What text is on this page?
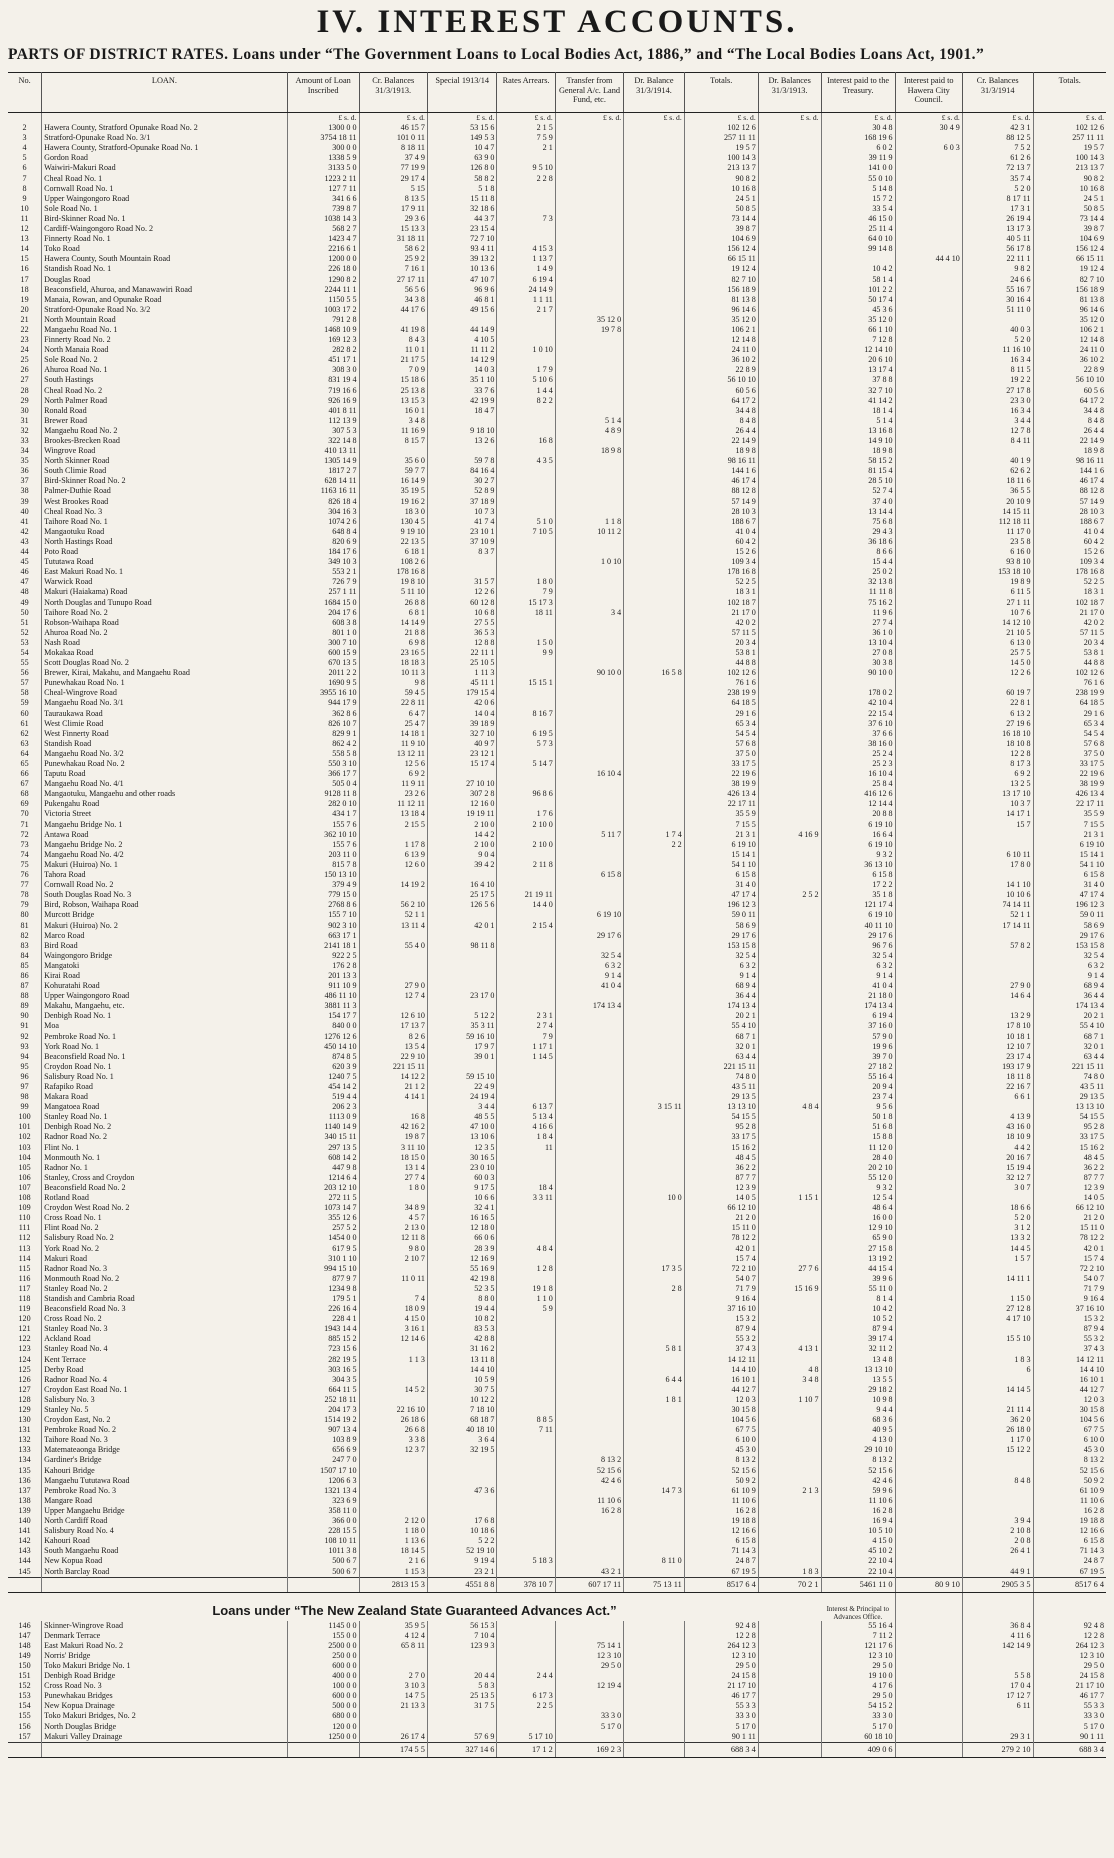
IV. INTEREST ACCOUNTS.
PARTS OF DISTRICT RATES. Loans under “The Government Loans to Local Bodies Act, 1886,” and “The Local Bodies Loans Act, 1901.”
No.	LOAN.	Amount of Loan Inscribed	Cr. Balances 31/3/1913.	Special 1913/14	Rates Arrears.	Transfer from General A/c. Land Fund, etc.	Dr. Balance 31/3/1914.	Totals.	Dr. Balances 31/3/1913.	Interest paid to the Treasury.	Interest paid to Hawera City Council.	Cr. Balances 31/3/1914	Totals.
		£ s. d.	£ s. d.	£ s. d.	£ s. d.	£ s. d.	£ s. d.	£ s. d.	£ s. d.	£ s. d.	£ s. d.	£ s. d.	£ s. d.
2	Hawera County, Stratford Opunake Road No. 2	1300 0 0	46 15 7	53 15 6	2 1 5			102 12 6		30 4 8	30 4 9	42 3 1	102 12 6
3	Stratford-Opunake Road No. 3/1	3754 18 11	101 0 11	149 5 3	7 5 9			257 11 11		168 19 6		88 12 5	257 11 11
4	Hawera County, Stratford-Opunake Road No. 1	300 0 0	8 18 11	10 4 7	2 1			19 5 7		6 0 2	6 0 3	7 5 2	19 5 7
5	Gordon Road	1338 5 9	37 4 9	63 9 0				100 14 3		39 11 9		61 2 6	100 14 3
6	Waiwiri-Makuri Road	3133 5 0	77 19 9	126 8 0	9 5 10			213 13 7		141 0 0		72 13 7	213 13 7
7	Cheal Road No. 1	1223 2 11	29 17 4	58 8 2	2 2 8			90 8 2		55 0 10		35 7 4	90 8 2
8	Cornwall Road No. 1	127 7 11	5 15	5 1 8				10 16 8		5 14 8		5 2 0	10 16 8
9	Upper Waingongoro Road	341 6 6	8 13 5	15 11 8				24 5 1		15 7 2		8 17 11	24 5 1
10	Sole Road No. 1	739 8 7	17 9 11	32 18 6				50 8 5		33 5 4		17 3 1	50 8 5
11	Bird-Skinner Road No. 1	1038 14 3	29 3 6	44 3 7	7 3			73 14 4		46 15 0		26 19 4	73 14 4
12	Cardiff-Waingongoro Road No. 2	568 2 7	15 13 3	23 15 4				39 8 7		25 11 4		13 17 3	39 8 7
13	Finnerty Road No. 1	1423 4 7	31 18 11	72 7 10				104 6 9		64 0 10		40 5 11	104 6 9
14	Toko Road	2216 6 1	58 6 2	93 4 11	4 15 3			156 12 4		99 14 8		56 17 8	156 12 4
15	Hawera County, South Mountain Road	1200 0 0	25 9 2	39 13 2	1 13 7			66 15 11			44 4 10	22 11 1	66 15 11
16	Standish Road No. 1	226 18 0	7 16 1	10 13 6	1 4 9			19 12 4		10 4 2		9 8 2	19 12 4
17	Douglas Road	1290 8 2	27 17 11	47 10 7	6 19 4			82 7 10		58 1 4		24 6 6	82 7 10
18	Beaconsfield, Ahuroa, and Manawawiri Road	2244 11 1	56 5 6	96 9 6	24 14 9			156 18 9		101 2 2		55 16 7	156 18 9
19	Manaia, Rowan, and Opunake Road	1150 5 5	34 3 8	46 8 1	1 1 11			81 13 8		50 17 4		30 16 4	81 13 8
20	Stratford-Opunake Road No. 3/2	1003 17 2	44 17 6	49 15 6	2 1 7			96 14 6		45 3 6		51 11 0	96 14 6
21	North Mountain Road	791 2 8				35 12 0		35 12 0		35 12 0			35 12 0
22	Mangaehu Road No. 1	1468 10 9	41 19 8	44 14 9		19 7 8		106 2 1		66 1 10		40 0 3	106 2 1
23	Finnerty Road No. 2	169 12 3	8 4 3	4 10 5				12 14 8		7 12 8		5 2 0	12 14 8
24	North Manaia Road	282 8 2	11 0 1	11 11 2	1 0 10			24 11 0		12 14 10		11 16 10	24 11 0
25	Sole Road No. 2	451 17 1	21 17 5	14 12 9				36 10 2		20 6 10		16 3 4	36 10 2
26	Ahuroa Road No. 1	308 3 0	7 0 9	14 0 3	1 7 9			22 8 9		13 17 4		8 11 5	22 8 9
27	South Hastings	831 19 4	15 18 6	35 1 10	5 10 6			56 10 10		37 8 8		19 2 2	56 10 10
28	Cheal Road No. 2	719 16 6	25 13 8	33 7 6	1 4 4			60 5 6		32 7 10		27 17 8	60 5 6
29	North Palmer Road	926 16 9	13 15 3	42 19 9	8 2 2			64 17 2		41 14 2		23 3 0	64 17 2
30	Ronald Road	401 8 11	16 0 1	18 4 7				34 4 8		18 1 4		16 3 4	34 4 8
31	Brewer Road	112 13 9	3 4 8			5 1 4		8 4 8		5 1 4		3 4 4	8 4 8
32	Mangaehu Road No. 2	307 5 3	11 16 9	9 18 10		4 8 9		26 4 4		13 16 8		12 7 8	26 4 4
33	Brookes-Brecken Road	322 14 8	8 15 7	13 2 6	16 8			22 14 9		14 9 10		8 4 11	22 14 9
34	Wingrove Road	410 13 11				18 9 8		18 9 8		18 9 8			18 9 8
35	North Skinner Road	1305 14 9	35 6 0	59 7 8	4 3 5			98 16 11		58 15 2		40 1 9	98 16 11
36	South Climie Road	1817 2 7	59 7 7	84 16 4				144 1 6		81 15 4		62 6 2	144 1 6
37	Bird-Skinner Road No. 2	628 14 11	16 14 9	30 2 7				46 17 4		28 5 10		18 11 6	46 17 4
38	Palmer-Duthie Road	1163 16 11	35 19 5	52 8 9				88 12 8		52 7 4		36 5 5	88 12 8
39	West Brookes Road	826 18 4	19 16 2	37 18 9				57 14 9		37 4 0		20 10 9	57 14 9
40	Cheal Road No. 3	304 16 3	18 3 0	10 7 3				28 10 3		13 14 4		14 15 11	28 10 3
41	Taihore Road No. 1	1074 2 6	130 4 5	41 7 4	5 1 0	1 1 8		188 6 7		75 6 8		112 18 11	188 6 7
42	Mangaotuku Road	648 8 4	9 19 10	23 10 1	7 10 5	10 11 2		41 0 4		29 4 3		11 17 0	41 0 4
43	North Hastings Road	820 6 9	22 13 5	37 10 9				60 4 2		36 18 6		23 5 8	60 4 2
44	Poto Road	184 17 6	6 18 1	8 3 7				15 2 6		8 6 6		6 16 0	15 2 6
45	Tututawa Road	349 10 3	108 2 6			1 0 10		109 3 4		15 4 4		93 8 10	109 3 4
46	East Makuri Road No. 1	553 2 1	178 16 8					178 16 8		25 0 2		153 18 10	178 16 8
47	Warwick Road	726 7 9	19 8 10	31 5 7	1 8 0			52 2 5		32 13 8		19 8 9	52 2 5
48	Makuri (Haiakama) Road	257 1 11	5 11 10	12 2 6	7 9			18 3 1		11 11 8		6 11 5	18 3 1
49	North Douglas and Tunupo Road	1684 15 0	26 8 8	60 12 8	15 17 3			102 18 7		75 16 2		27 1 11	102 18 7
50	Taihore Road No. 2	204 17 6	6 8 1	10 6 8	18 11	3 4		21 17 0		11 9 6		10 7 6	21 17 0
51	Robson-Waihapa Road	608 3 8	14 14 9	27 5 5				42 0 2		27 7 4		14 12 10	42 0 2
52	Ahuroa Road No. 2	801 1 0	21 8 8	36 5 3				57 11 5		36 1 0		21 10 5	57 11 5
53	Nash Road	300 7 10	6 9 8	12 8 8	1 5 0			20 3 4		13 10 4		6 13 0	20 3 4
54	Mokakaa Road	600 15 9	23 16 5	22 11 1	9 9			53 8 1		27 0 8		25 7 5	53 8 1
55	Scott Douglas Road No. 2	670 13 5	18 18 3	25 10 5				44 8 8		30 3 8		14 5 0	44 8 8
56	Brewer, Kirai, Makahu, and Mangaehu Road	2011 2 2	10 11 3	1 11 3		90 10 0	16 5 8	102 12 6		90 10 0		12 2 6	102 12 6
57	Punewhakau Road No. 1	1690 9 5	9 8	45 11 1	15 15 1			76 1 6					76 1 6
58	Cheal-Wingrove Road	3955 16 10	59 4 5	179 15 4				238 19 9		178 0 2		60 19 7	238 19 9
59	Mangaehu Road No. 3/1	944 17 9	22 8 11	42 0 6				64 18 5		42 10 4		22 8 1	64 18 5
60	Tauraukawa Road	362 8 6	6 4 7	14 0 4	8 16 7			29 1 6		22 15 4		6 13 2	29 1 6
61	West Climie Road	826 10 7	25 4 7	39 18 9				65 3 4		37 6 10		27 19 6	65 3 4
62	West Finnerty Road	829 9 1	14 18 1	32 7 10	6 19 5			54 5 4		37 6 6		16 18 10	54 5 4
63	Standish Road	862 4 2	11 9 10	40 9 7	5 7 3			57 6 8		38 16 0		18 10 8	57 6 8
64	Mangaehu Road No. 3/2	558 5 8	13 12 11	23 12 1				37 5 0		25 2 4		12 2 8	37 5 0
65	Punewhakau Road No. 2	550 3 10	12 5 6	15 17 4	5 14 7			33 17 5		25 2 3		8 17 3	33 17 5
66	Taputu Road	366 17 7	6 9 2			16 10 4		22 19 6		16 10 4		6 9 2	22 19 6
67	Mangaehu Road No. 4/1	505 0 4	11 9 11	27 10 10				38 19 9		25 8 4		13 2 5	38 19 9
68	Mangaotuku, Mangaehu and other roads	9128 11 8	23 2 6	307 2 8	96 8 6			426 13 4		416 12 6		13 17 10	426 13 4
69	Pukengahu Road	282 0 10	11 12 11	12 16 0				22 17 11		12 14 4		10 3 7	22 17 11
70	Victoria Street	434 1 7	13 18 4	19 19 11	1 7 6			35 5 9		20 8 8		14 17 1	35 5 9
71	Mangaehu Bridge No. 1	155 7 6	2 15 5	2 10 0	2 10 0			7 15 5		6 19 10		15 7	7 15 5
72	Antawa Road	362 10 10		14 4 2		5 11 7	1 7 4	21 3 1	4 16 9	16 6 4			21 3 1
73	Mangaehu Bridge No. 2	155 7 6	1 17 8	2 10 0	2 10 0		2 2	6 19 10		6 19 10			6 19 10
74	Mangaehu Road No. 4/2	203 11 0	6 13 9	9 0 4				15 14 1		9 3 2		6 10 11	15 14 1
75	Makuri (Huiroa) No. 1	815 7 8	12 6 0	39 4 2	2 11 8			54 1 10		36 13 10		17 8 0	54 1 10
76	Tahora Road	150 13 10				6 15 8		6 15 8		6 15 8			6 15 8
77	Cornwall Road No. 2	379 4 9	14 19 2	16 4 10				31 4 0		17 2 2		14 1 10	31 4 0
78	South Douglas Road No. 3	779 15 0		25 17 5	21 19 11			47 17 4	2 5 2	35 1 8		10 10 6	47 17 4
79	Bird, Robson, Waihapa Road	2768 8 6	56 2 10	126 5 6	14 4 0			196 12 3		121 17 4		74 14 11	196 12 3
80	Murcott Bridge	155 7 10	52 1 1			6 19 10		59 0 11		6 19 10		52 1 1	59 0 11
81	Makuri (Huiroa) No. 2	902 3 10	13 11 4	42 0 1	2 15 4			58 6 9		40 11 10		17 14 11	58 6 9
82	Marco Road	663 17 1				29 17 6		29 17 6		29 17 6			29 17 6
83	Bird Road	2141 18 1	55 4 0	98 11 8				153 15 8		96 7 6		57 8 2	153 15 8
84	Waingongoro Bridge	922 2 5				32 5 4		32 5 4		32 5 4			32 5 4
85	Mangatoki	176 2 8				6 3 2		6 3 2		6 3 2			6 3 2
86	Kirai Road	201 13 3				9 1 4		9 1 4		9 1 4			9 1 4
87	Kohuratahi Road	911 10 9	27 9 0			41 0 4		68 9 4		41 0 4		27 9 0	68 9 4
88	Upper Waingongoro Road	486 11 10	12 7 4	23 17 0				36 4 4		21 18 0		14 6 4	36 4 4
89	Makahu, Mangaehu, etc.	3881 11 3				174 13 4		174 13 4		174 13 4			174 13 4
90	Denbigh Road No. 1	154 17 7	12 6 10	5 12 2	2 3 1			20 2 1		6 19 4		13 2 9	20 2 1
91	Moa	840 0 0	17 13 7	35 3 11	2 7 4			55 4 10		37 16 0		17 8 10	55 4 10
92	Pembroke Road No. 1	1276 12 6	8 2 6	59 16 10	7 9			68 7 1		57 9 0		10 18 1	68 7 1
93	York Road No. 1	450 14 10	13 5 4	17 9 7	1 17 1			32 0 1		19 9 6		12 10 7	32 0 1
94	Beaconsfield Road No. 1	874 8 5	22 9 10	39 0 1	1 14 5			63 4 4		39 7 0		23 17 4	63 4 4
95	Croydon Road No. 1	620 3 9	221 15 11					221 15 11		27 18 2		193 17 9	221 15 11
96	Salisbury Road No. 1	1240 7 5	14 12 2	59 15 10				74 8 0		55 16 4		18 11 8	74 8 0
97	Rafapiko Road	454 14 2	21 1 2	22 4 9				43 5 11		20 9 4		22 16 7	43 5 11
98	Makara Road	519 4 4	4 14 1	24 19 4				29 13 5		23 7 4		6 6 1	29 13 5
99	Mangatoea Road	206 2 3		3 4 4	6 13 7		3 15 11	13 13 10	4 8 4	9 5 6			13 13 10
100	Stanley Road No. 1	1113 0 9	16 8	48 5 5	5 13 4			54 15 5		50 1 8		4 13 9	54 15 5
101	Denbigh Road No. 2	1140 14 9	42 16 2	47 10 0	4 16 6			95 2 8		51 6 8		43 16 0	95 2 8
102	Radnor Road No. 2	340 15 11	19 8 7	13 10 6	1 8 4			33 17 5		15 8 8		18 10 9	33 17 5
103	Flint No. 1	297 13 5	3 11 10	12 3 5	11			15 16 2		11 12 0		4 4 2	15 16 2
104	Monmouth No. 1	608 14 2	18 15 0	30 16 5				48 4 5		28 4 0		20 16 7	48 4 5
105	Radnor No. 1	447 9 8	13 1 4	23 0 10				36 2 2		20 2 10		15 19 4	36 2 2
106	Stanley, Cross and Croydon	1214 6 4	27 7 4	60 0 3				87 7 7		55 12 0		32 12 7	87 7 7
107	Beaconsfield Road No. 2	203 12 10	1 8 0	9 17 5	18 4			12 3 9		9 3 2		3 0 7	12 3 9
108	Rotland Road	272 11 5		10 6 6	3 3 11		10 0	14 0 5	1 15 1	12 5 4			14 0 5
109	Croydon West Road No. 2	1073 14 7	34 8 9	32 4 1				66 12 10		48 6 4		18 6 6	66 12 10
110	Cross Road No. 1	355 12 6	4 5 7	16 16 5				21 2 0		16 0 0		5 2 0	21 2 0
111	Flint Road No. 2	257 5 2	2 13 0	12 18 0				15 11 0		12 9 10		3 1 2	15 11 0
112	Salisbury Road No. 2	1454 0 0	12 11 8	66 0 6				78 12 2		65 9 0		13 3 2	78 12 2
113	York Road No. 2	617 9 5	9 8 0	28 3 9	4 8 4			42 0 1		27 15 8		14 4 5	42 0 1
114	Makuri Road	310 1 10	2 10 7	12 16 9				15 7 4		13 19 2		1 5 7	15 7 4
115	Radnor Road No. 3	994 15 10		55 16 9	1 2 8		17 3 5	72 2 10	27 7 6	44 15 4			72 2 10
116	Monmouth Road No. 2	877 9 7	11 0 11	42 19 8				54 0 7		39 9 6		14 11 1	54 0 7
117	Stanley Road No. 2	1234 9 8		52 3 5	19 1 8		2 8	71 7 9	15 16 9	55 11 0			71 7 9
118	Standish and Cambria Road	179 5 1	7 4	8 8 0	1 1 0			9 16 4		8 1 4		1 15 0	9 16 4
119	Beaconsfield Road No. 3	226 16 4	18 0 9	19 4 4	5 9			37 16 10		10 4 2		27 12 8	37 16 10
120	Cross Road No. 2	228 4 1	4 15 0	10 8 2				15 3 2		10 5 2		4 17 10	15 3 2
121	Stanley Road No. 3	1943 14 4	3 16 1	83 5 3				87 9 4		87 9 4			87 9 4
122	Ackland Road	885 15 2	12 14 6	42 8 8				55 3 2		39 17 4		15 5 10	55 3 2
123	Stanley Road No. 4	723 15 6		31 16 2			5 8 1	37 4 3	4 13 1	32 11 2			37 4 3
124	Kent Terrace	282 19 5	1 1 3	13 11 8				14 12 11		13 4 8		1 8 3	14 12 11
125	Derby Road	303 16 5		14 4 10				14 4 10	4 8	13 13 10		6	14 4 10
126	Radnor Road No. 4	304 3 5		10 5 9			6 4 4	16 10 1	3 4 8	13 5 5			16 10 1
127	Croydon East Road No. 1	664 11 5	14 5 2	30 7 5				44 12 7		29 18 2		14 14 5	44 12 7
128	Salisbury No. 3	252 18 11		10 12 2			1 8 1	12 0 3	1 10 7	10 9 8			12 0 3
129	Stanley No. 5	204 17 3	22 16 10	7 18 10				30 15 8		9 4 4		21 11 4	30 15 8
130	Croydon East, No. 2	1514 19 2	26 18 6	68 18 7	8 8 5			104 5 6		68 3 6		36 2 0	104 5 6
131	Pembroke Road No. 2	907 13 4	26 6 8	40 18 10	7 11			67 7 5		40 9 5		26 18 0	67 7 5
132	Taihore Road No. 3	103 8 9	3 3 8	3 6 4				6 10 0		4 13 0		1 17 0	6 10 0
133	Matemateaonga Bridge	656 6 9	12 3 7	32 19 5				45 3 0		29 10 10		15 12 2	45 3 0
134	Gardiner's Bridge	247 7 0				8 13 2		8 13 2		8 13 2			8 13 2
135	Kahouri Bridge	1507 17 10				52 15 6		52 15 6		52 15 6			52 15 6
136	Mangaehu Tututawa Road	1206 6 3				42 4 6		50 9 2		42 4 6		8 4 8	50 9 2
137	Pembroke Road No. 3	1321 13 4		47 3 6			14 7 3	61 10 9	2 1 3	59 9 6			61 10 9
138	Mangare Road	323 6 9				11 10 6		11 10 6		11 10 6			11 10 6
139	Upper Mangaehu Bridge	358 11 0				16 2 8		16 2 8		16 2 8			16 2 8
140	North Cardiff Road	366 0 0	2 12 0	17 6 8				19 18 8		16 9 4		3 9 4	19 18 8
141	Salisbury Road No. 4	228 15 5	1 18 0	10 18 6				12 16 6		10 5 10		2 10 8	12 16 6
142	Kahouri Road	108 10 11	1 13 6	5 2 2				6 15 8		4 15 0		2 0 8	6 15 8
143	South Mangaehu Road	1011 3 8	18 14 5	52 19 10				71 14 3		45 10 2		26 4 1	71 14 3
144	New Kopua Road	500 6 7	2 1 6	9 19 4	5 18 3		8 11 0	24 8 7		22 10 4			24 8 7
145	North Barclay Road	500 6 7	1 15 3	23 2 1		43 2 1		67 19 5	1 8 3	22 10 4		44 9 1	67 19 5
			2813 15 3	4551 8 8	378 10 7	607 17 11	75 13 11	8517 6 4	70 2 1	5461 11 0	80 9 10	2905 3 5	8517 6 4
Loans under “The New Zealand State Guaranteed Advances Act.”										Interest & Principal to Advances Office.			
146	Skinner-Wingrove Road	1145 0 0	35 9 5	56 15 3				92 4 8		55 16 4		36 8 4	92 4 8
147	Denmark Terrace	155 0 0	4 12 4	7 10 4				12 2 8		7 11 2		4 11 6	12 2 8
148	East Makuri Road No. 2	2500 0 0	65 8 11	123 9 3		75 14 1		264 12 3		121 17 6		142 14 9	264 12 3
149	Norris' Bridge	250 0 0				12 3 10		12 3 10		12 3 10			12 3 10
150	Toko Makuri Bridge No. 1	600 0 0				29 5 0		29 5 0		29 5 0			29 5 0
151	Denbigh Road Bridge	400 0 0	2 7 0	20 4 4	2 4 4			24 15 8		19 10 0		5 5 8	24 15 8
152	Cross Road No. 3	100 0 0	3 10 3	5 8 3		12 19 4		21 17 10		4 17 6		17 0 4	21 17 10
153	Punewhakau Bridges	600 0 0	14 7 5	25 13 5	6 17 3			46 17 7		29 5 0		17 12 7	46 17 7
154	New Kopua Drainage	500 0 0	21 13 3	31 7 5	2 2 5			55 3 3		54 15 2		6 11	55 3 3
155	Toko Makuri Bridges, No. 2	680 0 0				33 3 0		33 3 0		33 3 0			33 3 0
156	North Douglas Bridge	120 0 0				5 17 0		5 17 0		5 17 0			5 17 0
157	Makuri Valley Drainage	1250 0 0	26 17 4	57 6 9	5 17 10			90 1 11		60 18 10		29 3 1	90 1 11
			174 5 5	327 14 6	17 1 2	169 2 3		688 3 4		409 0 6		279 2 10	688 3 4
